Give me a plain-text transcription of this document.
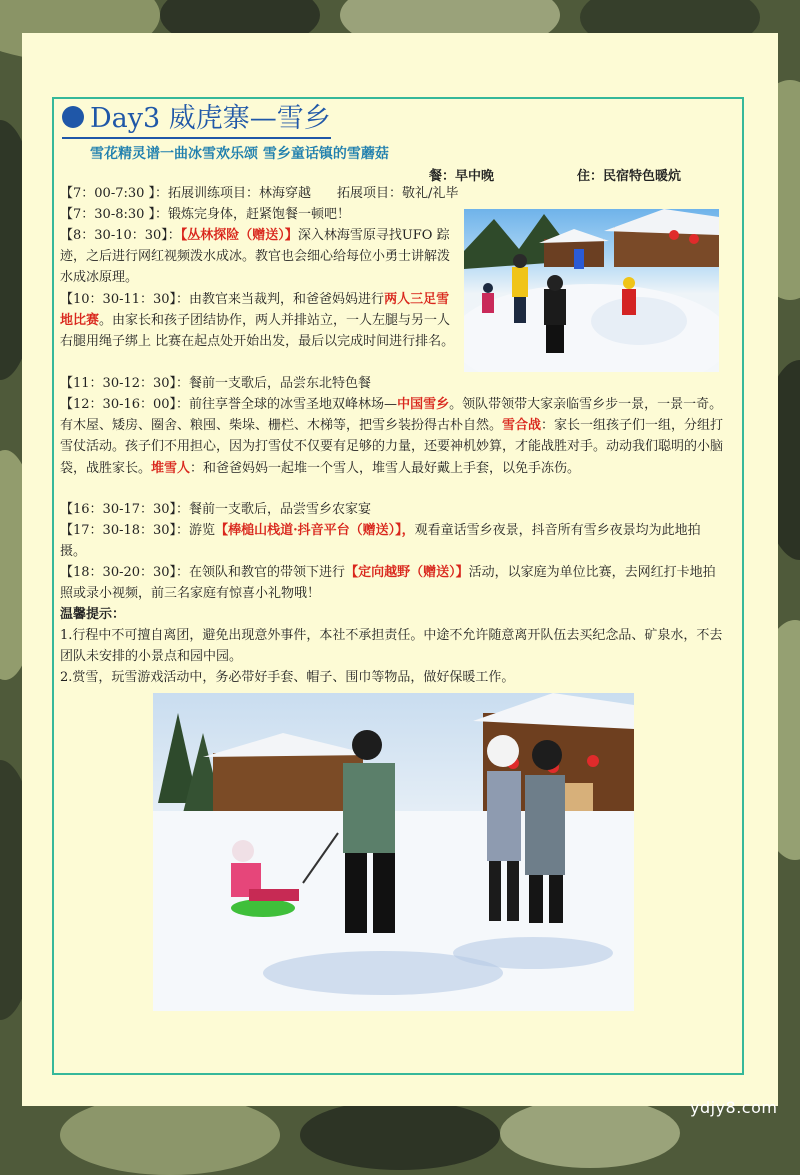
Day3 威虎寨—雪乡
雪花精灵谱一曲冰雪欢乐颂 雪乡童话镇的雪蘑菇
餐：早中晚	住：民宿特色暖炕
【7：00-7:30 】：拓展训练项目：林海穿越　　拓展项目：敬礼/礼毕
【7：30-8:30 】：锻炼完身体，赶紧饱餐一顿吧！
【8：30-10：30】：【丛林探险（赠送）】深入林海雪原寻找UFO 踪迹，之后进行网红视频泼水成冰。教官也会细心给每位小勇士讲解泼水成冰原理。
【10：30-11：30】：由教官来当裁判，和爸爸妈妈进行两人三足雪地比赛。由家长和孩子团结协作，两人并排站立，一人左腿与另一人右腿用绳子绑上 比赛在起点处开始出发，最后以完成时间进行排名。
【11：30-12：30】：餐前一支歌后，品尝东北特色餐
【12：30-16：00】：前往享誉全球的冰雪圣地双峰林场—中国雪乡。领队带领带大家亲临雪乡步一景，一景一奇。有木屋、矮房、圈舍、粮囤、柴垛、栅栏、木梯等，把雪乡装扮得古朴自然。雪合战：家长一组孩子们一组，分组打雪仗活动。孩子们不用担心，因为打雪仗不仅要有足够的力量，还要神机妙算，才能战胜对手。动动我们聪明的小脑袋，战胜家长。堆雪人：和爸爸妈妈一起堆一个雪人，堆雪人最好戴上手套，以免手冻伤。
【16：30-17：30】：餐前一支歌后，品尝雪乡农家宴
【17：30-18：30】：游览【棒槌山栈道·抖音平台（赠送）】，观看童话雪乡夜景，抖音所有雪乡夜景均为此地拍摄。
【18：30-20：30】：在领队和教官的带领下进行【定向越野（赠送）】活动，以家庭为单位比赛，去网红打卡地拍照或录小视频，前三名家庭有惊喜小礼物哦！
温馨提示：
1.行程中不可擅自离团，避免出现意外事件，本社不承担责任。中途不允许随意离开队伍去买纪念品、矿泉水，不去团队未安排的小景点和园中园。
2.赏雪，玩雪游戏活动中，务必带好手套、帽子、围巾等物品，做好保暖工作。
ydjy8.com
